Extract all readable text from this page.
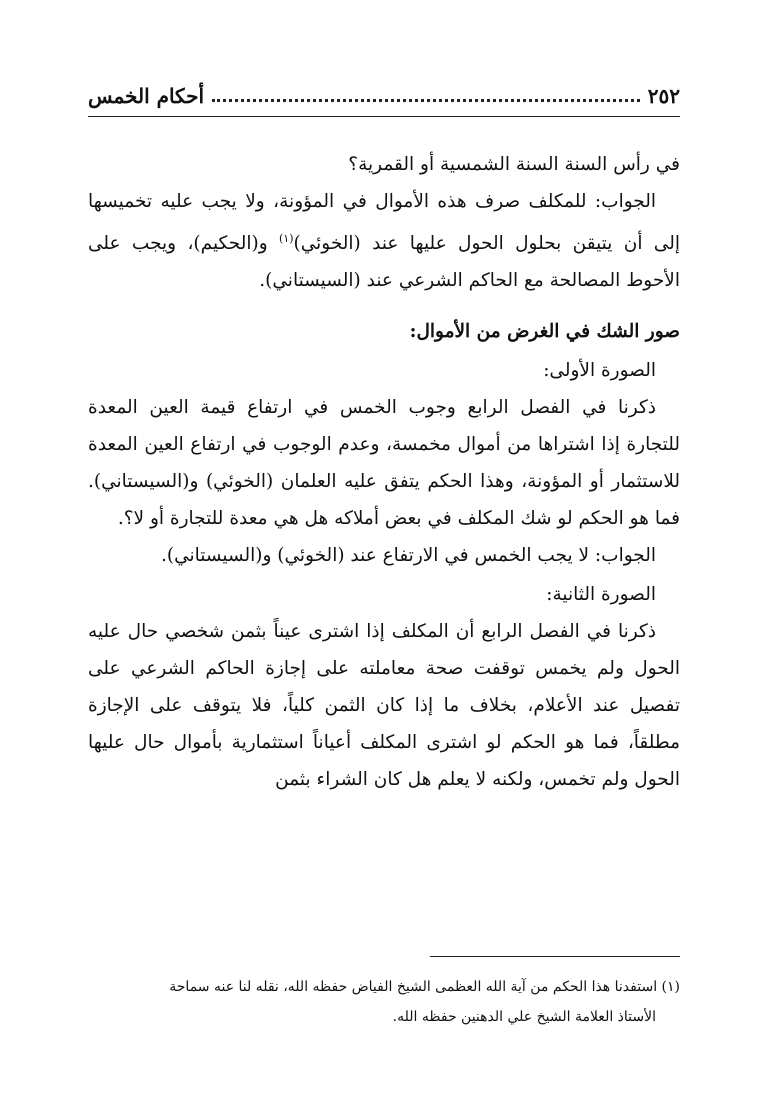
٢٥٢
أحكام الخمس

في رأس السنة السنة الشمسية أو القمرية؟

الجواب: للمكلف صرف هذه الأموال في المؤونة، ولا يجب عليه تخميسها إلى أن يتيقن بحلول الحول عليها عند (الخوئي)$^{(١)}$ و(الحكيم)، ويجب على الأحوط المصالحة مع الحاكم الشرعي عند (السيستاني).

صور الشك في الغرض من الأموال:

الصورة الأولى:

ذكرنا في الفصل الرابع وجوب الخمس في ارتفاع قيمة العين المعدة للتجارة إذا اشتراها من أموال مخمسة، وعدم الوجوب في ارتفاع العين المعدة للاستثمار أو المؤونة، وهذا الحكم يتفق عليه العلمان (الخوئي) و(السيستاني). فما هو الحكم لو شك المكلف في بعض أملاكه هل هي معدة للتجارة أو لا؟.

الجواب: لا يجب الخمس في الارتفاع عند (الخوئي) و(السيستاني).

الصورة الثانية:

ذكرنا في الفصل الرابع أن المكلف إذا اشترى عيناً بثمن شخصي حال عليه الحول ولم يخمس توقفت صحة معاملته على إجازة الحاكم الشرعي على تفصيل عند الأعلام، بخلاف ما إذا كان الثمن كلياً، فلا يتوقف على الإجازة مطلقاً، فما هو الحكم لو اشترى المكلف أعياناً استثمارية بأموال حال عليها الحول ولم تخمس، ولكنه لا يعلم هل كان الشراء بثمن

(١) استفدنا هذا الحكم من آية الله العظمى الشيخ الفياض حفظه الله، نقله لنا عنه سماحة

الأستاذ العلامة الشيخ علي الدهنين حفظه الله.
